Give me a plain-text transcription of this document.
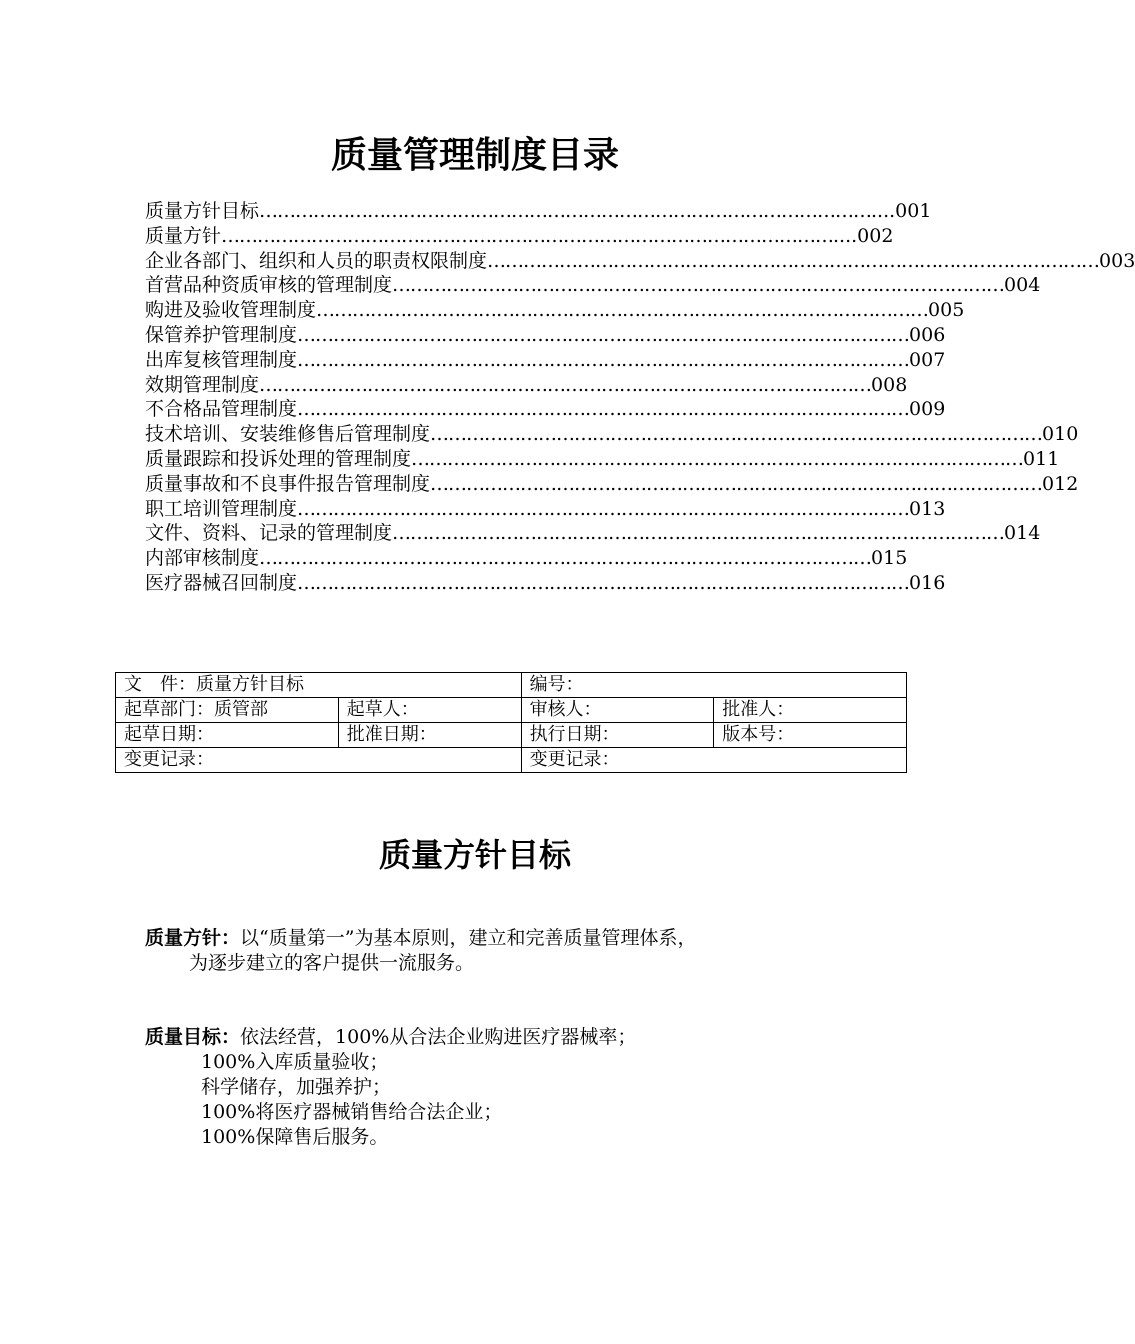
质量管理制度目录
质量方针目标 ………………………………………………………………………………………… ....001
质量方针 ………………………………………………………………………………………… ....002
企业各部门、组织和人员的职责权限制度 ………………………………………………………………………………………… 003
首营品种资质审核的管理制度 ………………………………………………………………………………………… 004
购进及验收管理制度 ………………………………………………………………………………………… 005
保管养护管理制度 ………………………………………………………………………………………… 006
出库复核管理制度 ………………………………………………………………………………………… 007
效期管理制度 ………………………………………………………………………………………… 008
不合格品管理制度 ………………………………………………………………………………………… 009
技术培训、安装维修售后管理制度 ………………………………………………………………………………………… 010
质量跟踪和投诉处理的管理制度 ………………………………………………………………………………………… 011
质量事故和不良事件报告管理制度 ………………………………………………………………………………………… 012
职工培训管理制度 ………………………………………………………………………………………… 013
文件、资料、记录的管理制度 ………………………………………………………………………………………… 014
内部审核制度 ………………………………………………………………………………………… 015
医疗器械召回制度 ………………………………………………………………………………………… 016
文　件：质量方针目标		编号：	
起草部门：质管部	起草人：	审核人：	批准人：
起草日期：	批准日期：	执行日期：	版本号：
变更记录：		变更记录：	
质量方针目标

质量方针：以“质量第一”为基本原则，建立和完善质量管理体系，

为逐步建立的客户提供一流服务。

质量目标：依法经营，100%从合法企业购进医疗器械率；

100%入库质量验收；

科学储存，加强养护；

100%将医疗器械销售给合法企业；

100%保障售后服务。
